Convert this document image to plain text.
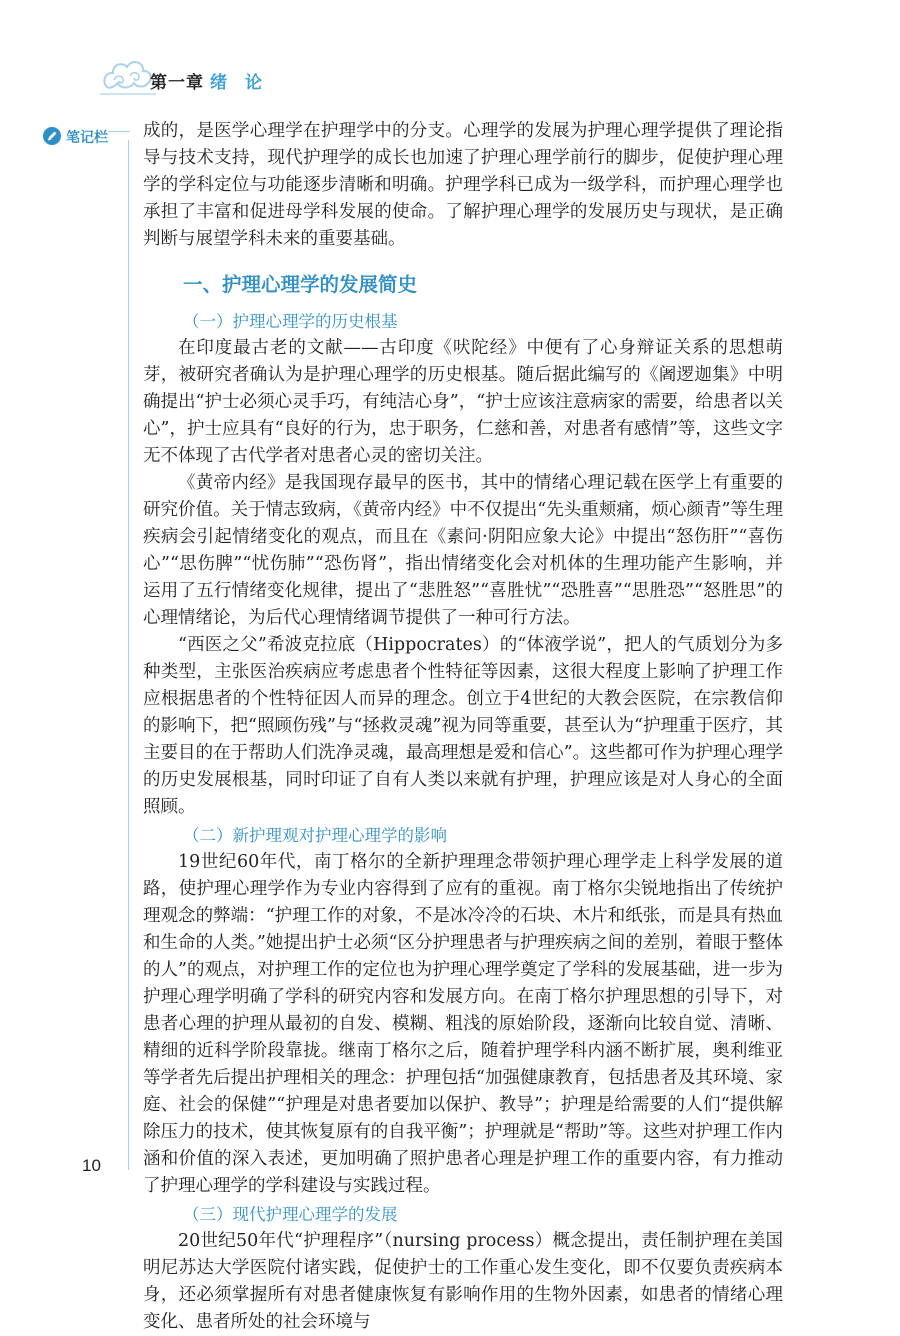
第一章 绪论
笔记栏 成的，是医学心理学在护理学中的分支。心理学的发展为护理心理学提供了理论指导与技术支持，现代护理学的成长也加速了护理心理学前行的脚步，促使护理心理学的学科定位与功能逐步清晰和明确。护理学科已成为一级学科，而护理心理学也承担了丰富和促进母学科发展的使命。了解护理心理学的发展历史与现状，是正确判断与展望学科未来的重要基础。

一、护理心理学的发展简史
（一）护理心理学的历史根基

在印度最古老的文献——古印度《吠陀经》中便有了心身辩证关系的思想萌芽，被研究者确认为是护理心理学的历史根基。随后据此编写的《阇逻迦集》中明确提出“护士必须心灵手巧，有纯洁心身”，“护士应该注意病家的需要，给患者以关心”，护士应具有“良好的行为，忠于职务，仁慈和善，对患者有感情”等，这些文字无不体现了古代学者对患者心灵的密切关注。

《黄帝内经》是我国现存最早的医书，其中的情绪心理记载在医学上有重要的研究价值。关于情志致病，《黄帝内经》中不仅提出“先头重颊痛，烦心颜青”等生理疾病会引起情绪变化的观点，而且在《素问·阴阳应象大论》中提出“怒伤肝”“喜伤心”“思伤脾”“忧伤肺”“恐伤肾”，指出情绪变化会对机体的生理功能产生影响，并运用了五行情绪变化规律，提出了“悲胜怒”“喜胜忧”“恐胜喜”“思胜恐”“怒胜思”的心理情绪论，为后代心理情绪调节提供了一种可行方法。

“西医之父”希波克拉底（Hippocrates）的“体液学说”，把人的气质划分为多种类型，主张医治疾病应考虑患者个性特征等因素，这很大程度上影响了护理工作应根据患者的个性特征因人而异的理念。创立于4世纪的大教会医院，在宗教信仰的影响下，把“照顾伤残”与“拯救灵魂”视为同等重要，甚至认为“护理重于医疗，其主要目的在于帮助人们洗净灵魂，最高理想是爱和信心”。这些都可作为护理心理学的历史发展根基，同时印证了自有人类以来就有护理，护理应该是对人身心的全面照顾。

（二）新护理观对护理心理学的影响

19世纪60年代，南丁格尔的全新护理理念带领护理心理学走上科学发展的道路，使护理心理学作为专业内容得到了应有的重视。南丁格尔尖锐地指出了传统护理观念的弊端：“护理工作的对象，不是冰冷冷的石块、木片和纸张，而是具有热血和生命的人类。”她提出护士必须“区分护理患者与护理疾病之间的差别，着眼于整体的人”的观点，对护理工作的定位也为护理心理学奠定了学科的发展基础，进一步为护理心理学明确了学科的研究内容和发展方向。在南丁格尔护理思想的引导下，对患者心理的护理从最初的自发、模糊、粗浅的原始阶段，逐渐向比较自觉、清晰、精细的近科学阶段靠拢。继南丁格尔之后，随着护理学科内涵不断扩展，奥利维亚等学者先后提出护理相关的理念：护理包括“加强健康教育，包括患者及其环境、家庭、社会的保健”“护理是对患者要加以保护、教导”；护理是给需要的人们“提供解除压力的技术，使其恢复原有的自我平衡”；护理就是“帮助”等。这些对护理工作内涵和价值的深入表述，更加明确了照护患者心理是护理工作的重要内容，有力推动了护理心理学的学科建设与实践过程。

（三）现代护理心理学的发展

20世纪50年代“护理程序”（nursing process）概念提出，责任制护理在美国明尼苏达大学医院付诸实践，促使护士的工作重心发生变化，即不仅要负责疾病本身，还必须掌握所有对患者健康恢复有影响作用的生物外因素，如患者的情绪心理变化、患者所处的社会环境与

10
